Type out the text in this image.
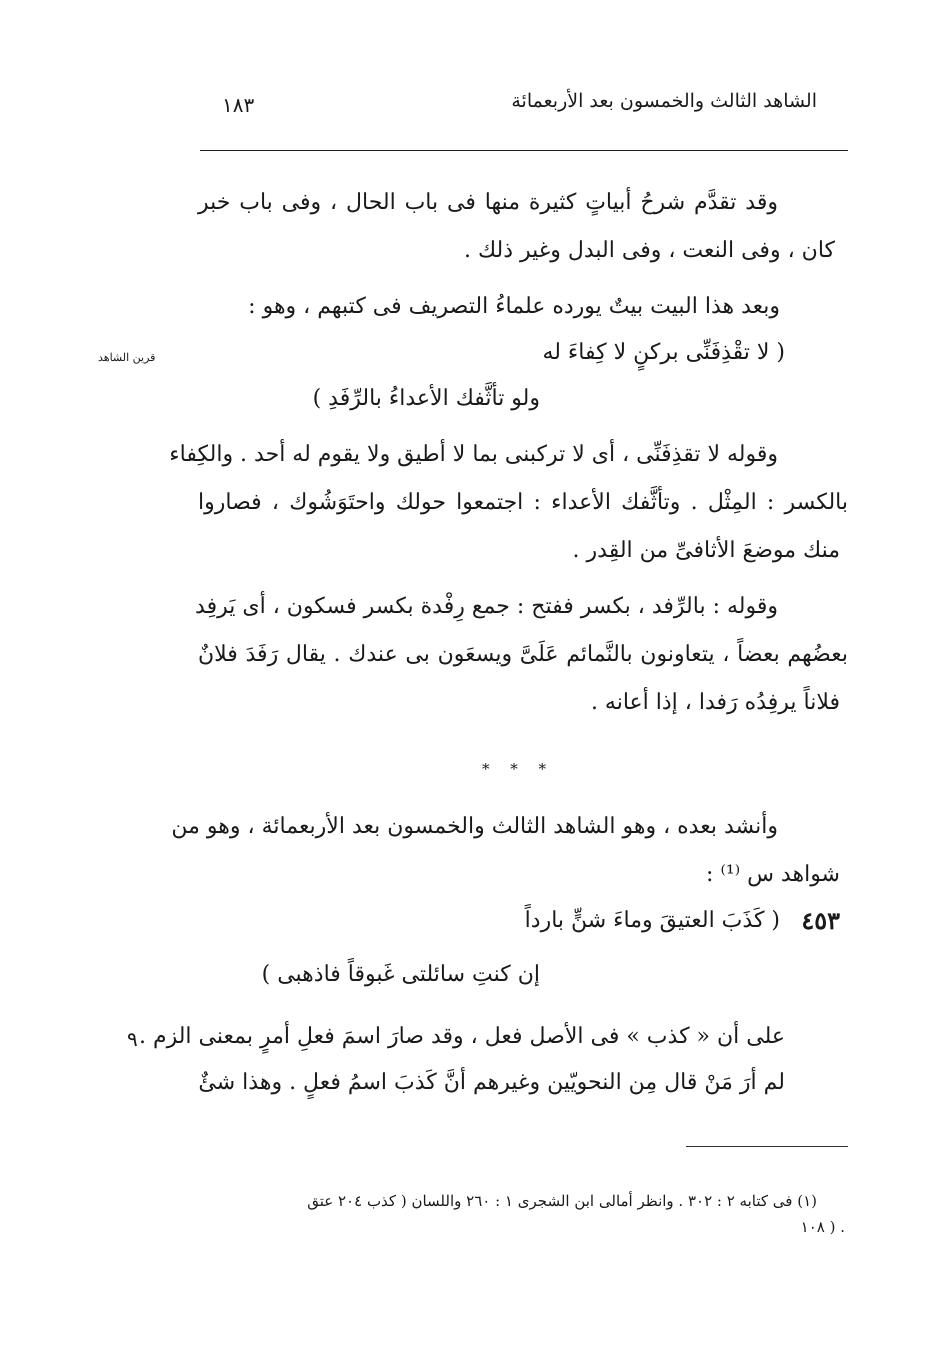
الشاهد الثالث والخمسون بعد الأربعمائة
١٨٣
وقد تقدَّم شرحُ أبياتٍ كثيرة منها فى باب الحال ، وفى باب خبر
كان ، وفى النعت ، وفى البدل وغير ذلك .
وبعد هذا البيت بيتٌ يورده علماءُ التصريف فى كتبهم ، وهو :
( لا تقْذِفَنِّى بركنٍ لا كِفاءَ له
قرين الشاهد
ولو تأثَّفك الأعداءُ بالرِّفَدِ )
وقوله لا تقذِفَنِّى ، أى لا تركبنى بما لا أطيق ولا يقوم له أحد . والكِفاء
بالكسر : المِثْل . وتأثَّفك الأعداء : اجتمعوا حولك واحتَوَشُوك ، فصاروا
منك موضعَ الأثافىِّ من القِدر .
وقوله : بالرِّفد ، بكسر ففتح : جمع رِفْدة بكسر فسكون ، أى يَرفِد
بعضُهم بعضاً ، يتعاونون بالنَّمائم عَلَىَّ ويسعَون بى عندك . يقال رَفَدَ فلانٌ
فلاناً يرفِدُه رَفدا ، إذا أعانه .
* * *
وأنشد بعده ، وهو الشاهد الثالث والخمسون بعد الأربعمائة ، وهو من
شواهد س ⁽¹⁾ :
٤٥٣
( كَذَبَ العتيقَ وماءَ شنٍّ بارداً
إن كنتِ سائلتى غَبوقاً فاذهبى )
على أن « كذب » فى الأصل فعل ، وقد صارَ اسمَ فعلِ أمرٍ بمعنى الزم .
٩
لم أرَ مَنْ قال مِن النحويّين وغيرهم أنَّ كَذبَ اسمُ فعلٍ . وهذا شئٌ
(١) فى كتابه ٢ : ٣٠٢ . وانظر أمالى ابن الشجرى ١ : ٢٦٠ واللسان ( كذب ٢٠٤ عتق
١٠٨ ) .
